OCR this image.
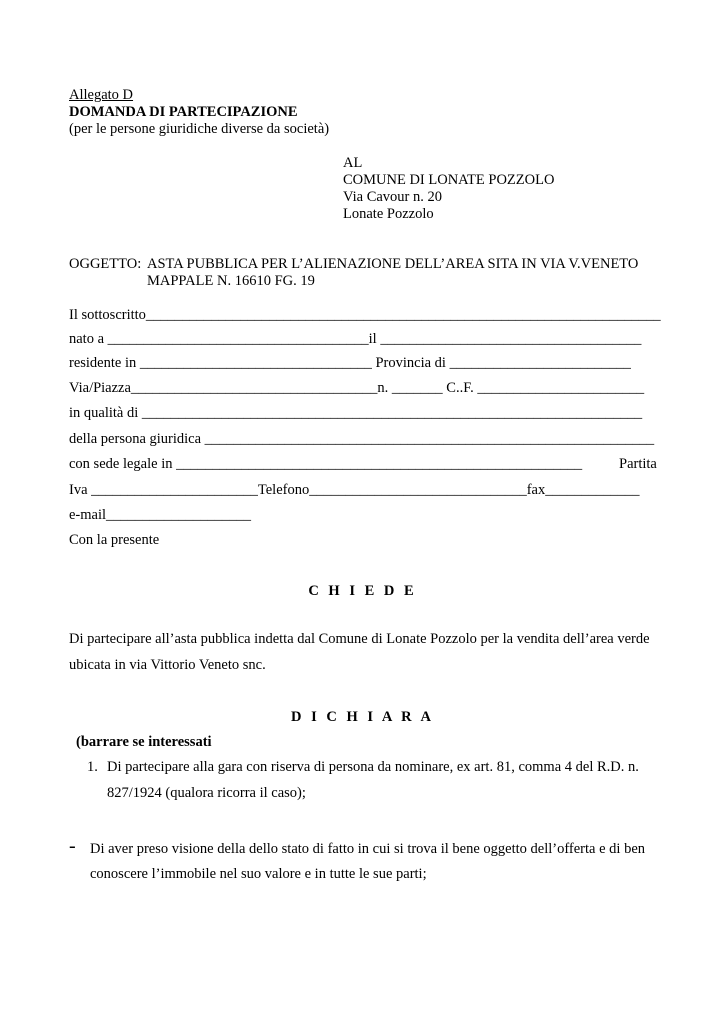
Allegato D
DOMANDA DI PARTECIPAZIONE
(per le persone giuridiche diverse da società)
AL
COMUNE DI LONATE POZZOLO
Via Cavour n. 20
Lonate Pozzolo
OGGETTO: ASTA PUBBLICA PER L’ALIENAZIONE DELL’AREA SITA IN VIA V.VENETO
MAPPALE N. 16610 FG. 19
Il sottoscritto_______________________________________________________________________
nato a ____________________________________il ____________________________________
residente in ________________________________ Provincia di _________________________
Via/Piazza__________________________________n. _______ C..F. _______________________
in qualità di _____________________________________________________________________
della persona giuridica ______________________________________________________________
con sede legale in ________________________________________________________	Partita
Iva _______________________Telefono______________________________fax_____________
e-mail____________________
Con la presente
C H I E D E
Di partecipare all’asta pubblica indetta dal Comune di Lonate Pozzolo per la vendita dell’area verde
ubicata in via Vittorio Veneto snc.
D I C H I A R A
(barrare se interessati
1. Di partecipare alla gara con riserva di persona da nominare, ex art. 81, comma 4 del R.D. n.
827/1924 (qualora ricorra il caso);
- Di aver preso visione della dello stato di fatto in cui si trova il bene oggetto dell’offerta e di ben
conoscere l’immobile nel suo valore e in tutte le sue parti;
